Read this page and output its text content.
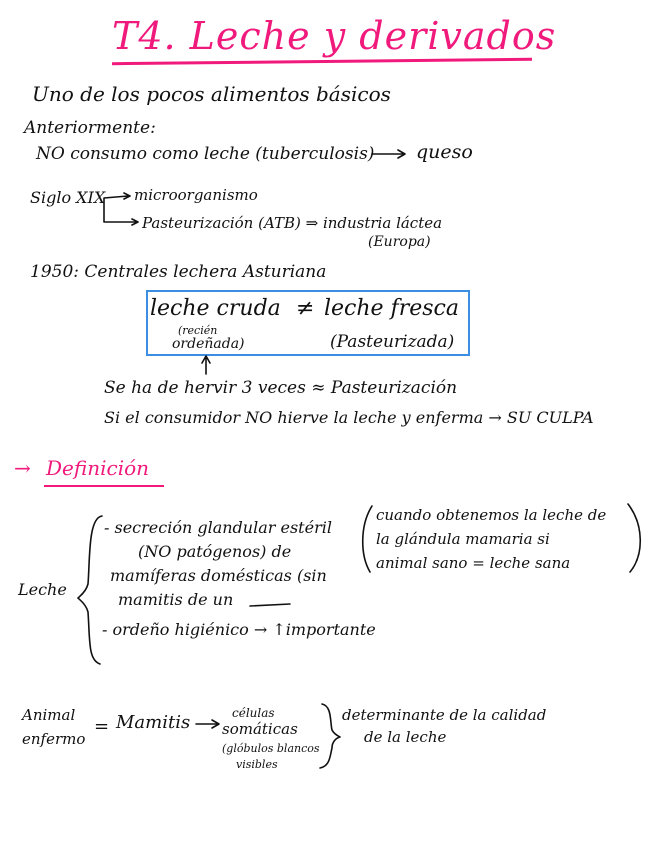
T4. Leche y derivados
Uno de los pocos alimentos básicos
Anteriormente:
NO consumo como leche (tuberculosis) queso
Siglo XIX microorganismo
Pasteurización (ATB) ⇒ industria láctea
(Europa)
1950: Centrales lechera Asturiana
leche cruda ≠ leche fresca
(recién
ordeñada)	(Pasteurizada)
Se ha de hervir 3 veces ≈ Pasteurización
Si el consumidor NO hierve la leche y enferma → SU CULPA
→ Definición
Leche
- secreción glandular estéril
(NO patógenos) de
mamíferas domésticas (sin
mamitis de un
- ordeño higiénico → ↑importante
cuando obtenemos la leche de
la glándula mamaria si
animal sano = leche sana
Animal
enfermo
= Mamitis	células
somáticas
(glóbulos blancos
visibles
determinante de la calidad
de la leche
